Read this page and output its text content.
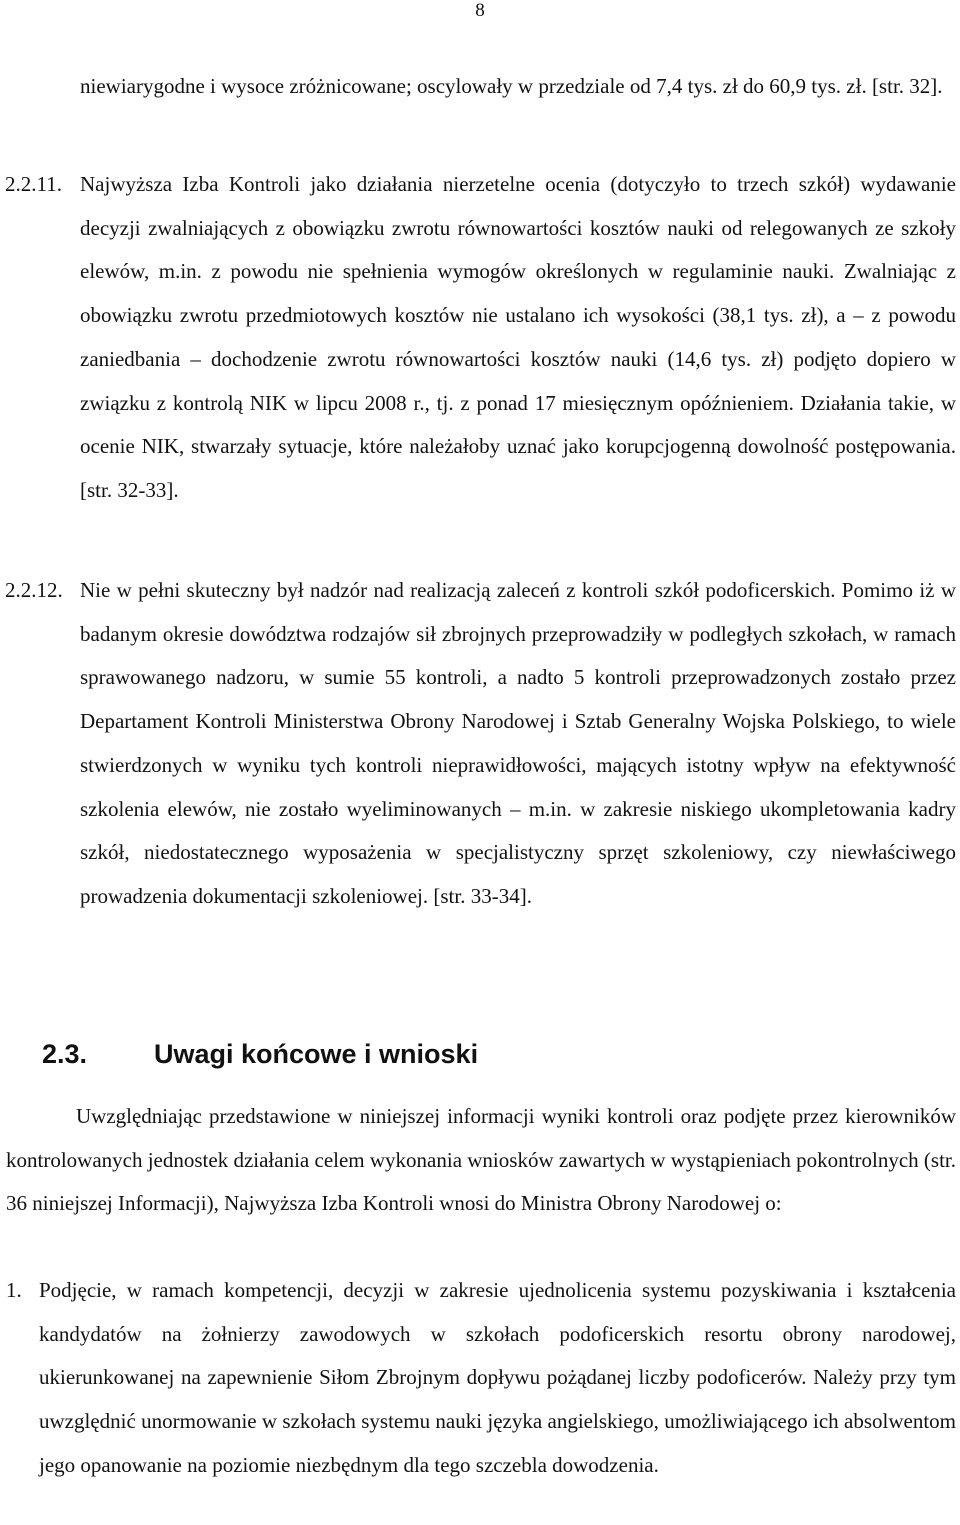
8

niewiarygodne i wysoce zróżnicowane; oscylowały w przedziale od 7,4 tys. zł do 60,9 tys. zł. [str. 32].

2.2.11. Najwyższa Izba Kontroli jako działania nierzetelne ocenia (dotyczyło to trzech szkół) wydawanie decyzji zwalniających z obowiązku zwrotu równowartości kosztów nauki od relegowanych ze szkoły elewów, m.in. z powodu nie spełnienia wymogów określonych w regulaminie nauki. Zwalniając z obowiązku zwrotu przedmiotowych kosztów nie ustalano ich wysokości (38,1 tys. zł), a – z powodu zaniedbania – dochodzenie zwrotu równowartości kosztów nauki (14,6 tys. zł) podjęto dopiero w związku z kontrolą NIK w lipcu 2008 r., tj. z ponad 17 miesięcznym opóźnieniem. Działania takie, w ocenie NIK, stwarzały sytuacje, które należałoby uznać jako korupcjogenną dowolność postępowania. [str. 32-33].

2.2.12. Nie w pełni skuteczny był nadzór nad realizacją zaleceń z kontroli szkół podoficerskich. Pomimo iż w badanym okresie dowództwa rodzajów sił zbrojnych przeprowadziły w podległych szkołach, w ramach sprawowanego nadzoru, w sumie 55 kontroli, a nadto 5 kontroli przeprowadzonych zostało przez Departament Kontroli Ministerstwa Obrony Narodowej i Sztab Generalny Wojska Polskiego, to wiele stwierdzonych w wyniku tych kontroli nieprawidłowości, mających istotny wpływ na efektywność szkolenia elewów, nie zostało wyeliminowanych – m.in. w zakresie niskiego ukompletowania kadry szkół, niedostatecznego wyposażenia w specjalistyczny sprzęt szkoleniowy, czy niewłaściwego prowadzenia dokumentacji szkoleniowej. [str. 33-34].

2.3. Uwagi końcowe i wnioski

Uwzględniając przedstawione w niniejszej informacji wyniki kontroli oraz podjęte przez kierowników kontrolowanych jednostek działania celem wykonania wniosków zawartych w wystąpieniach pokontrolnych (str. 36 niniejszej Informacji), Najwyższa Izba Kontroli wnosi do Ministra Obrony Narodowej o:

1. Podjęcie, w ramach kompetencji, decyzji w zakresie ujednolicenia systemu pozyskiwania i kształcenia kandydatów na żołnierzy zawodowych w szkołach podoficerskich resortu obrony narodowej, ukierunkowanej na zapewnienie Siłom Zbrojnym dopływu pożądanej liczby podoficerów. Należy przy tym uwzględnić unormowanie w szkołach systemu nauki języka angielskiego, umożliwiającego ich absolwentom jego opanowanie na poziomie niezbędnym dla tego szczebla dowodzenia.
